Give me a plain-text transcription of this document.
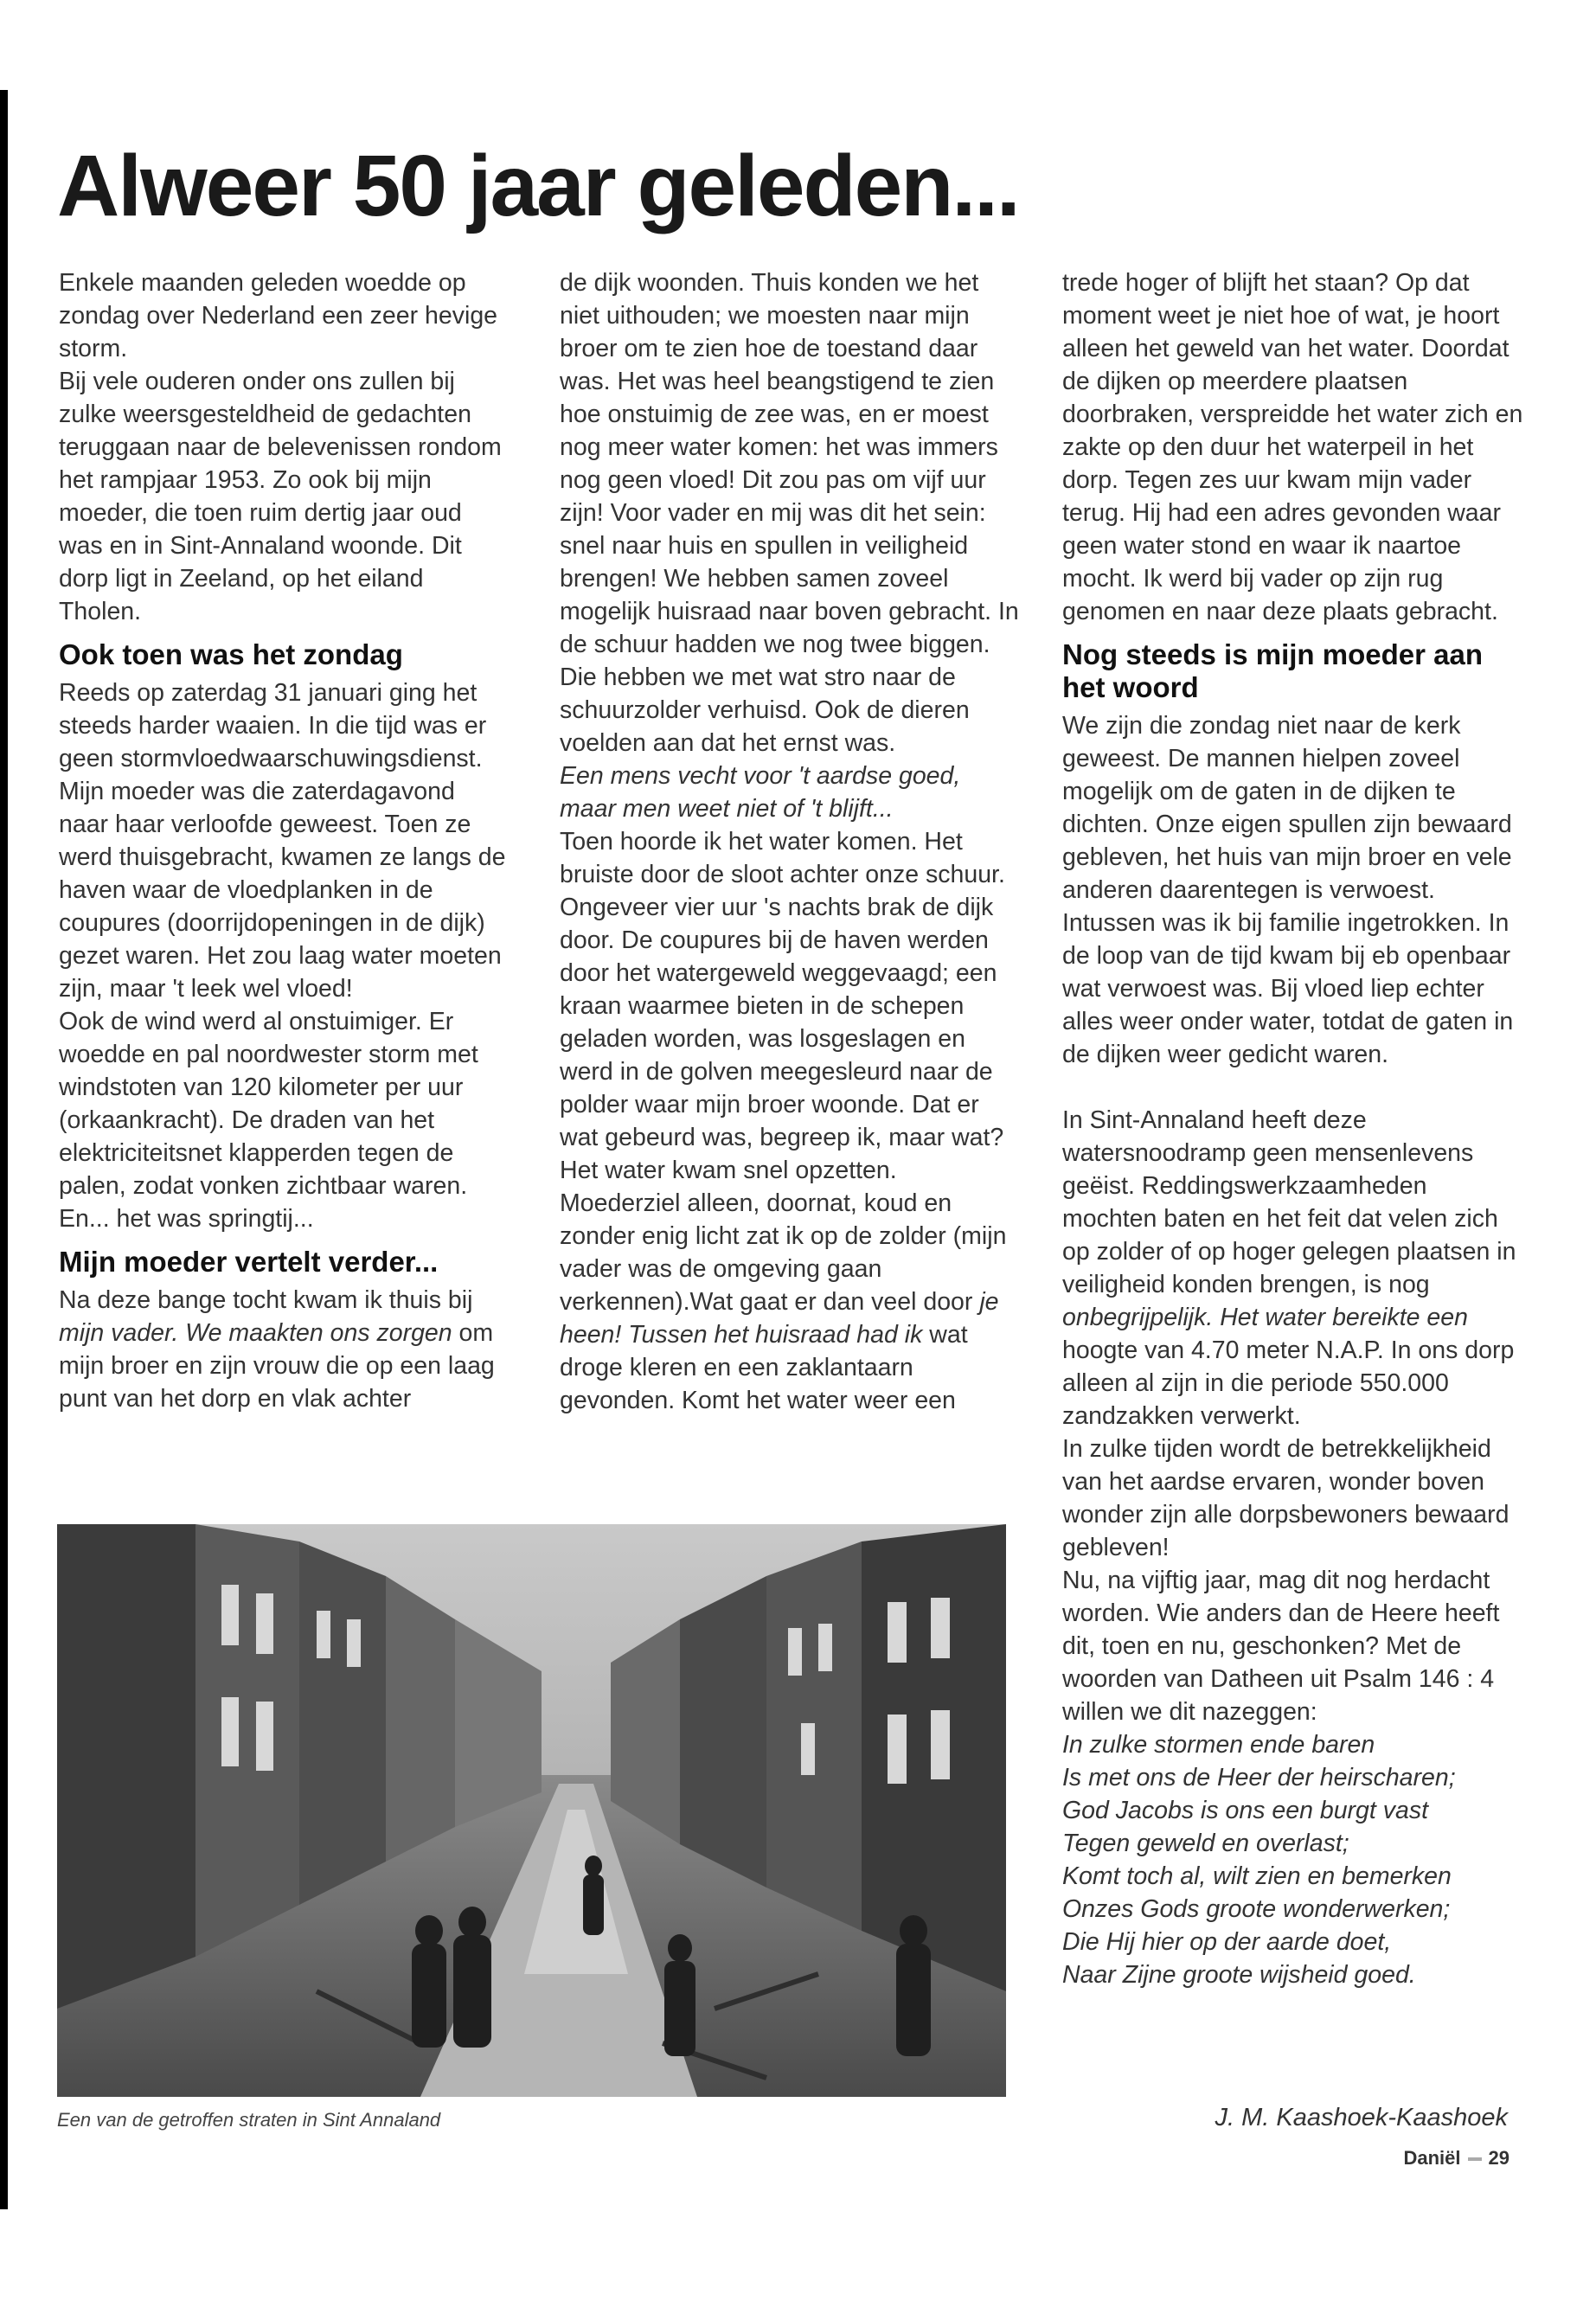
Alweer 50 jaar geleden...

Enkele maanden geleden woedde op zondag over Nederland een zeer hevige storm.

Bij vele ouderen onder ons zullen bij zulke weersgesteldheid de gedachten teruggaan naar de belevenissen rondom het rampjaar 1953. Zo ook bij mijn moeder, die toen ruim dertig jaar oud was en in Sint-Annaland woonde. Dit dorp ligt in Zeeland, op het eiland Tholen.

Ook toen was het zondag

Reeds op zaterdag 31 januari ging het steeds harder waaien. In die tijd was er geen stormvloedwaarschuwingsdienst. Mijn moeder was die zaterdagavond naar haar verloofde geweest. Toen ze werd thuisgebracht, kwamen ze langs de haven waar de vloedplanken in de coupures (doorrijdopeningen in de dijk) gezet waren. Het zou laag water moeten zijn, maar 't leek wel vloed!

Ook de wind werd al onstuimiger. Er woedde en pal noordwester storm met windstoten van 120 kilometer per uur (orkaankracht). De draden van het elektriciteitsnet klapperden tegen de palen, zodat vonken zichtbaar waren. En... het was springtij...

Mijn moeder vertelt verder...

Na deze bange tocht kwam ik thuis bij mijn vader. We maakten ons zorgen om mijn broer en zijn vrouw die op een laag punt van het dorp en vlak achter

de dijk woonden. Thuis konden we het niet uithouden; we moesten naar mijn broer om te zien hoe de toestand daar was. Het was heel beangstigend te zien hoe onstuimig de zee was, en er moest nog meer water komen: het was immers nog geen vloed! Dit zou pas om vijf uur zijn! Voor vader en mij was dit het sein: snel naar huis en spullen in veiligheid brengen! We hebben samen zoveel mogelijk huisraad naar boven gebracht. In de schuur hadden we nog twee biggen. Die hebben we met wat stro naar de schuurzolder verhuisd. Ook de dieren voelden aan dat het ernst was.

Een mens vecht voor 't aardse goed, maar men weet niet of 't blijft...

Toen hoorde ik het water komen. Het bruiste door de sloot achter onze schuur. Ongeveer vier uur 's nachts brak de dijk door. De coupures bij de haven werden door het watergeweld weggevaagd; een kraan waarmee bieten in de schepen geladen worden, was losgeslagen en werd in de golven meegesleurd naar de polder waar mijn broer woonde. Dat er wat gebeurd was, begreep ik, maar wat? Het water kwam snel opzetten.

Moederziel alleen, doornat, koud en zonder enig licht zat ik op de zolder (mijn vader was de omgeving gaan verkennen).Wat gaat er dan veel door je heen! Tussen het huisraad had ik wat droge kleren en een zaklantaarn gevonden. Komt het water weer een

trede hoger of blijft het staan? Op dat moment weet je niet hoe of wat, je hoort alleen het geweld van het water. Doordat de dijken op meerdere plaatsen doorbraken, verspreidde het water zich en zakte op den duur het waterpeil in het dorp. Tegen zes uur kwam mijn vader terug. Hij had een adres gevonden waar geen water stond en waar ik naartoe mocht. Ik werd bij vader op zijn rug genomen en naar deze plaats gebracht.

Nog steeds is mijn moeder aan het woord

We zijn die zondag niet naar de kerk geweest. De mannen hielpen zoveel mogelijk om de gaten in de dijken te dichten. Onze eigen spullen zijn bewaard gebleven, het huis van mijn broer en vele anderen daarentegen is verwoest. Intussen was ik bij familie ingetrokken. In de loop van de tijd kwam bij eb openbaar wat verwoest was. Bij vloed liep echter alles weer onder water, totdat de gaten in de dijken weer gedicht waren.

In Sint-Annaland heeft deze watersnoodramp geen mensenlevens geëist. Reddingswerkzaamheden mochten baten en het feit dat velen zich op zolder of op hoger gelegen plaatsen in veiligheid konden brengen, is nog onbegrijpelijk. Het water bereikte een hoogte van 4.70 meter N.A.P. In ons dorp alleen al zijn in die periode 550.000 zandzakken verwerkt.

In zulke tijden wordt de betrekkelijkheid van het aardse ervaren, wonder boven wonder zijn alle dorpsbewoners bewaard gebleven!

Nu, na vijftig jaar, mag dit nog herdacht worden. Wie anders dan de Heere heeft dit, toen en nu, geschonken? Met de woorden van Datheen uit Psalm 146 : 4 willen we dit nazeggen:

In zulke stormen ende baren

Is met ons de Heer der heirscharen;

God Jacobs is ons een burgt vast

Tegen geweld en overlast;

Komt toch al, wilt zien en bemerken

Onzes Gods groote wonderwerken;

Die Hij hier op der aarde doet,

Naar Zijne groote wijsheid goed.

Een van de getroffen straten in Sint Annaland	J. M. Kaashoek-Kaashoek
Daniël 29
